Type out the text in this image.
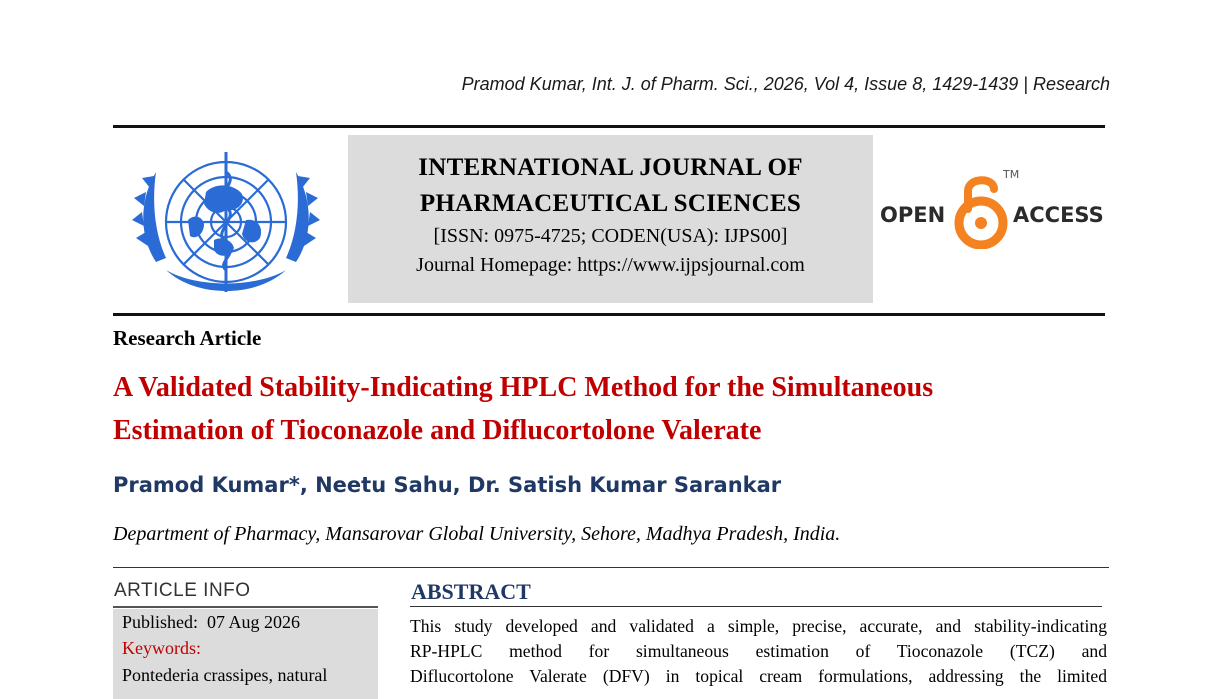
Pramod Kumar, Int. J. of Pharm. Sci., 2026, Vol 4, Issue 8, 1429-1439 | Research
INTERNATIONAL JOURNAL OF
PHARMACEUTICAL SCIENCES
[ISSN: 0975-4725; CODEN(USA): IJPS00]
Journal Homepage: https://www.ijpsjournal.com
OPEN
TM
ACCESS
Research Article
A Validated Stability-Indicating HPLC Method for the Simultaneous
Estimation of Tioconazole and Diflucortolone Valerate
Pramod Kumar*, Neetu Sahu, Dr. Satish Kumar Sarankar
Department of Pharmacy, Mansarovar Global University, Sehore, Madhya Pradesh, India.
ARTICLE INFO
Published: 07 Aug 2026
Keywords:
Pontederia crassipes, natural
ABSTRACT
This study developed and validated a simple, precise, accurate, and stability-indicating
RP-HPLC method for simultaneous estimation of Tioconazole (TCZ) and
Diflucortolone Valerate (DFV) in topical cream formulations, addressing the limited
